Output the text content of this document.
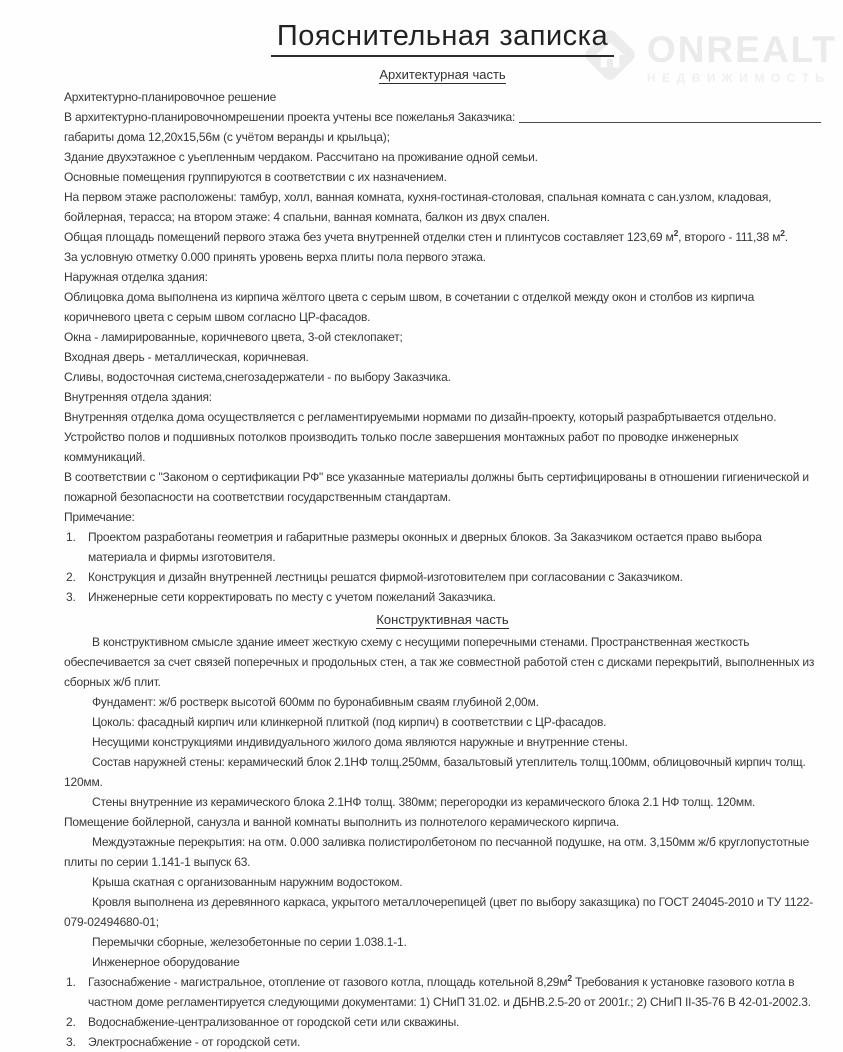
ONREALT
НЕДВИЖИМОСТЬ
Пояснительная записка
Архитектурная часть

Архитектурно-планировочное решение

В архитектурно-планировочномрешении проекта учтены все пожеланья Заказчика:

габариты дома 12,20х15,56м (с учётом веранды и крыльца);

Здание двухэтажное с уьепленным чердаком. Рассчитано на проживание одной семьи.

Основные помещения группируются в соответствии с их назначением.

На первом этаже расположены: тамбур, холл, ванная комната, кухня-гостиная-столовая, спальная комната с сан.узлом, кладовая, бойлерная, терасса; на втором этаже: 4 спальни, ванная комната, балкон из двух спален.

Общая площадь помещений первого этажа без учета внутренней отделки стен и плинтусов составляет 123,69 $м^2$, второго - 111,38 $м^2$.

За условную отметку 0.000 принять уровень верха плиты пола первого этажа.

Наружная отделка здания:

Облицовка дома выполнена из кирпича жёлтого цвета с серым швом, в сочетании с отделкой между окон и столбов из кирпича коричневого цвета с серым швом согласно ЦР-фасадов.

Окна - ламирированные, коричневого цвета, 3-ой стеклопакет;

Входная дверь - металлическая, коричневая.

Сливы, водосточная система,снегозадержатели - по выбору Заказчика.

Внутренняя отдела здания:

Внутренняя отделка дома осуществляется с регламентируемыми нормами по дизайн-проекту, который разрабртывается отдельно.

Устройство полов и подшивных потолков производить только после завершения монтажных работ по проводке инженерных коммуникаций.

В соответствии с "Законом о сертификации РФ" все указанные материалы должны быть сертифицированы в отношении гигиенической и пожарной безопасности на соответствии государственным стандартам.

Примечание:

Проектом разработаны геометрия и габаритные размеры оконных и дверных блоков. За Заказчиком остается право выбора материала и фирмы изготовителя.
Конструкция и дизайн внутренней лестницы решатся фирмой-изготовителем при согласовании с Заказчиком.
Инженерные сети корректировать по месту с учетом пожеланий Заказчика.
Конструктивная часть

В конструктивном смысле здание имеет жесткую схему с несущими поперечными стенами. Пространственная жесткость обеспечивается за счет связей поперечных и продольных стен, а так же совместной работой стен с дисками перекрытий, выполненных из сборных ж/б плит.

Фундамент: ж/б ростверк высотой 600мм по буронабивным сваям глубиной 2,00м.

Цоколь: фасадный кирпич или клинкерной плиткой (под кирпич) в соответствии с ЦР-фасадов.

Несущими конструкциями индивидуального жилого дома являются наружные и внутренние стены.

Состав наружней стены: керамический блок 2.1НФ толщ.250мм, базальтовый утеплитель толщ.100мм, облицовочный кирпич толщ. 120мм.

Стены внутренние из керамического блока 2.1НФ толщ. 380мм; перегородки из керамического блока 2.1 НФ толщ. 120мм. Помещение бойлерной, санузла и ванной комнаты выполнить из полнотелого керамического кирпича.

Междуэтажные перекрытия: на отм. 0.000 заливка полистиролбетоном по песчанной подушке, на отм. 3,150мм ж/б круглопустотные плиты по серии 1.141-1 выпуск 63.

Крыша скатная с организованным наружним водостоком.

Кровля выполнена из деревянного каркаса, укрытого металлочерепицей (цвет по выбору заказщика) по ГОСТ 24045-2010 и ТУ 1122-079-02494680-01;

Перемычки сборные, железобетонные по серии 1.038.1-1.

Инженерное оборудование

Газоснабжение - магистральное, отопление от газового котла, площадь котельной $8,29м^2$ Требования к установке газового котла в частном доме регламентируется следующими документами: 1) СНиП 31.02. и ДБНВ.2.5-20 от 2001г.; 2) СНиП II-35-76 В 42-01-2002.3.
Водоснабжение-централизованное от городской сети или скважины.
Электроснабжение - от городской сети.
